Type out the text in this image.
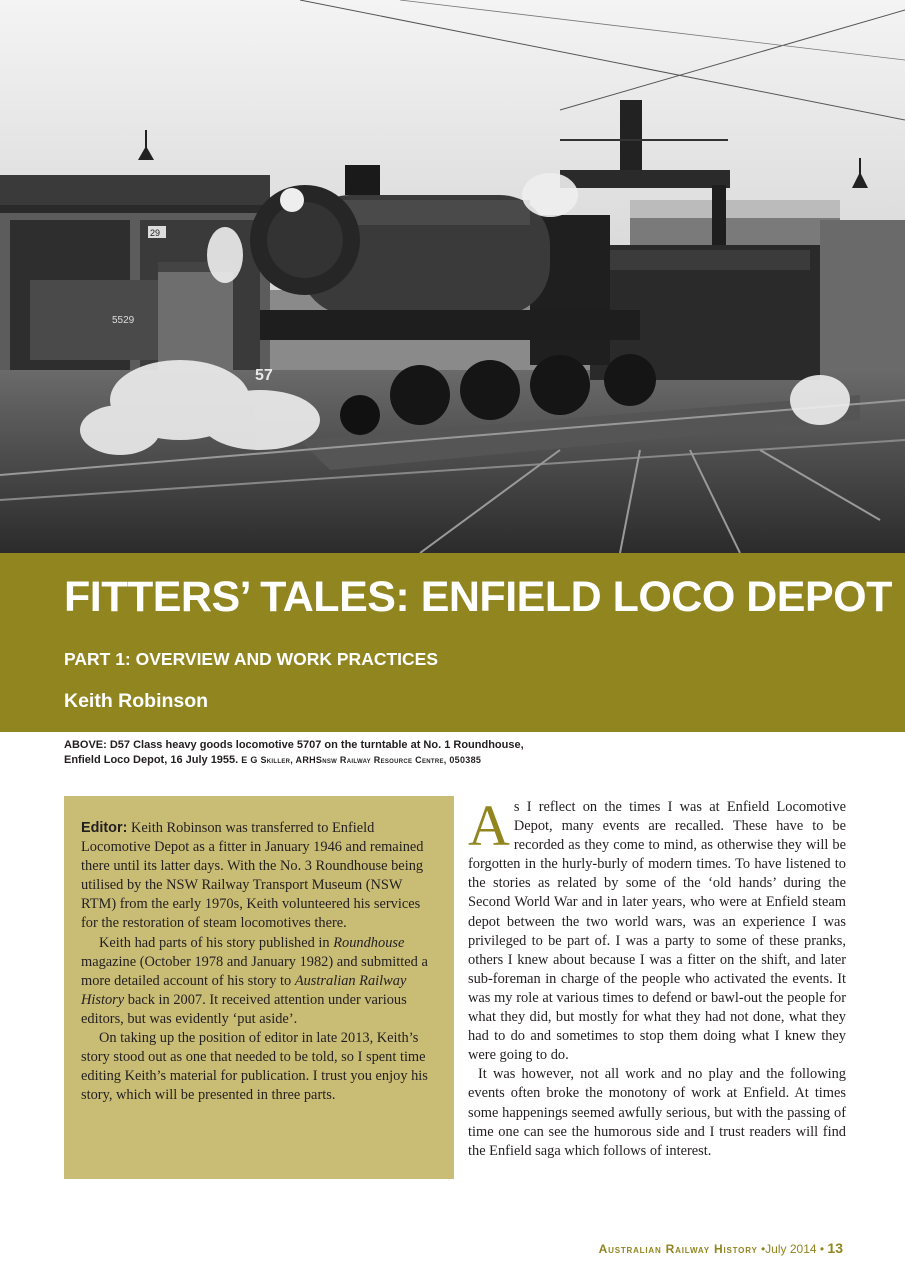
29
5529
57
FITTERS’ TALES: ENFIELD LOCO DEPOT
PART 1: OVERVIEW AND WORK PRACTICES
Keith Robinson
ABOVE: D57 Class heavy goods locomotive 5707 on the turntable at No. 1 Roundhouse,
Enfield Loco Depot, 16 July 1955. E G Skiller, ARHSnsw Railway Resource Centre, 050385

Editor: Keith Robinson was transferred to Enfield Locomotive Depot as a fitter in January 1946 and remained there until its latter days. With the No. 3 Roundhouse being utilised by the NSW Railway Transport Museum (NSW RTM) from the early 1970s, Keith volunteered his services for the restoration of steam locomotives there.

Keith had parts of his story published in Roundhouse magazine (October 1978 and January 1982) and submitted a more detailed account of his story to Australian Railway History back in 2007. It received attention under various editors, but was evidently ‘put aside’.

On taking up the position of editor in late 2013, Keith’s story stood out as one that needed to be told, so I spent time editing Keith’s material for publication. I trust you enjoy his story, which will be presented in three parts.

As I reflect on the times I was at Enfield Locomotive Depot, many events are recalled. These have to be recorded as they come to mind, as otherwise they will be forgotten in the hurly-burly of modern times. To have listened to the stories as related by some of the ‘old hands’ during the Second World War and in later years, who were at Enfield steam depot between the two world wars, was an experience I was privileged to be part of. I was a party to some of these pranks, others I knew about because I was a fitter on the shift, and later sub-foreman in charge of the people who activated the events. It was my role at various times to defend or bawl-out the people for what they did, but mostly for what they had not done, what they had to do and sometimes to stop them doing what I knew they were going to do.

It was however, not all work and no play and the following events often broke the monotony of work at Enfield. At times some happenings seemed awfully serious, but with the passing of time one can see the humorous side and I trust readers will find the Enfield saga which follows of interest.

Australian Railway History •July 2014 • 13
